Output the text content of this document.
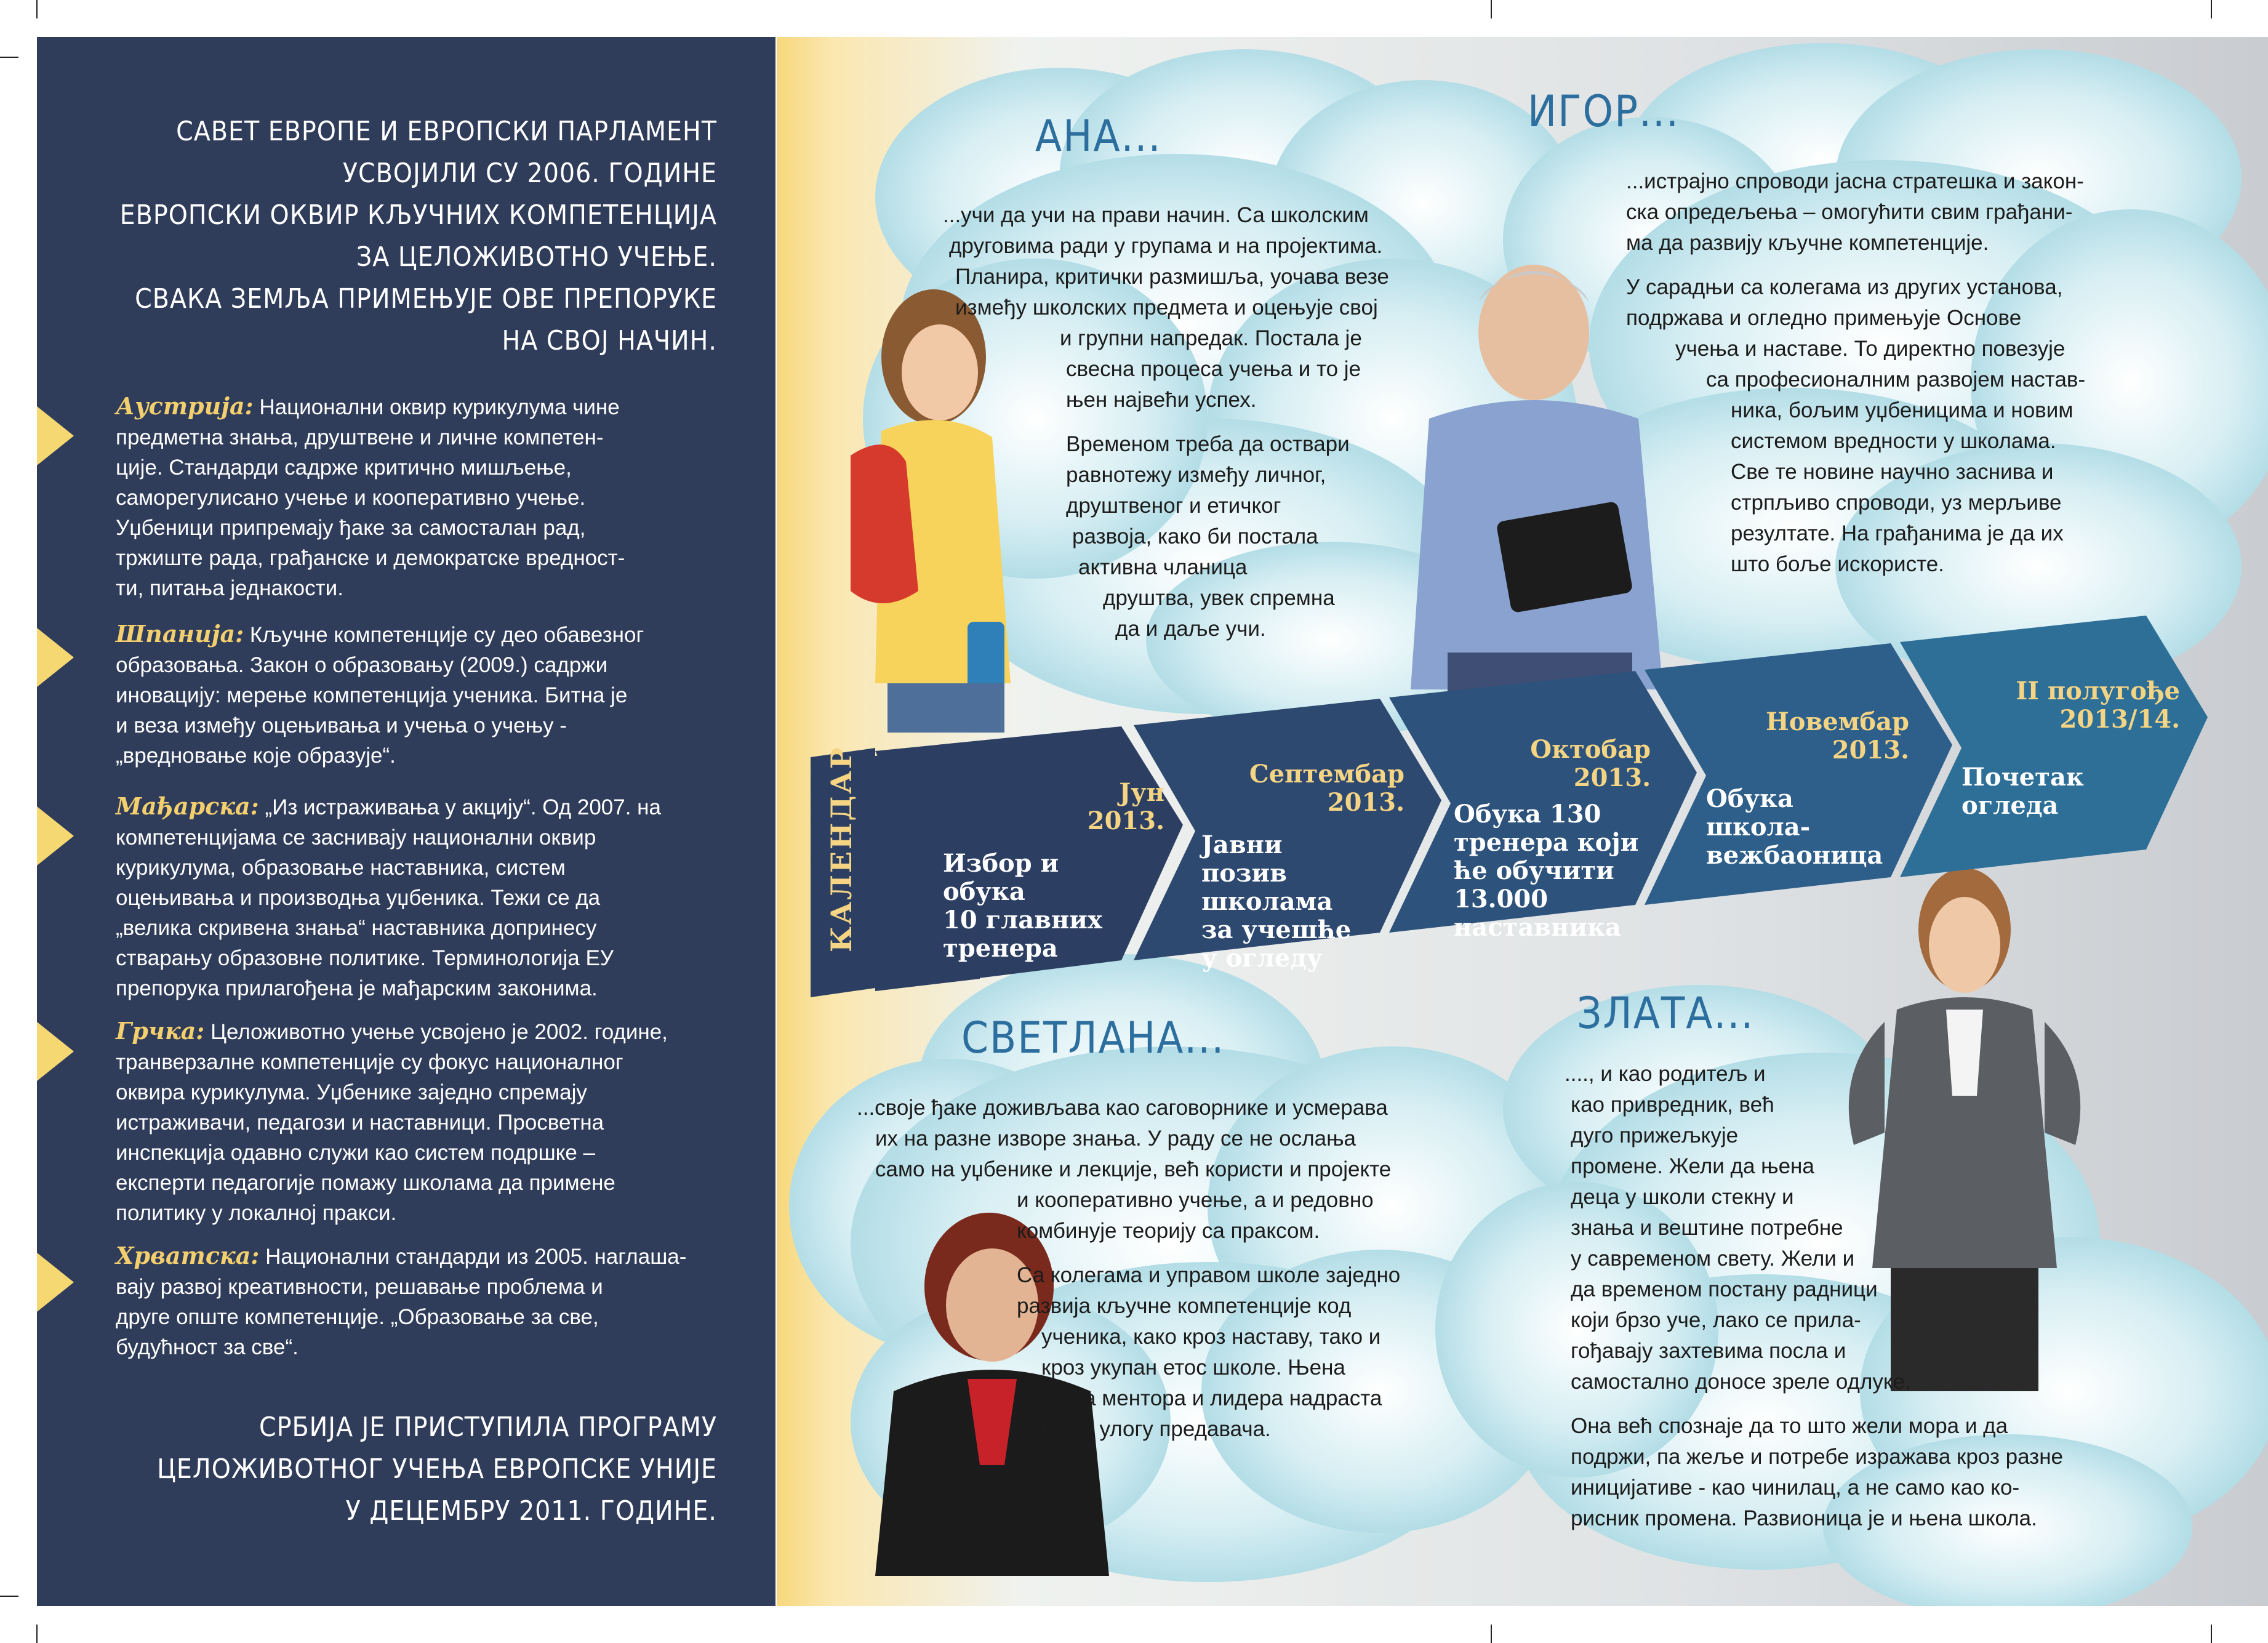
САВЕТ ЕВРОПЕ И ЕВРОПСКИ ПАРЛАМЕНТ
УСВОЈИЛИ СУ 2006. ГОДИНЕ
ЕВРОПСКИ ОКВИР КЉУЧНИХ КОМПЕТЕНЦИЈА
ЗА ЦЕЛОЖИВОТНО УЧЕЊЕ.
СВАКА ЗЕМЉА ПРИМЕЊУЈЕ ОВЕ ПРЕПОРУКЕ
НА СВОЈ НАЧИН.
Аустрија: Национални оквир курикулума чине
предметна знања, друштвене и личне компетен-
ције. Стандарди садрже критично мишљење,
саморегулисано учење и кооперативно учење.
Уџбеници припремају ђаке за самосталан рад,
тржиште рада, грађанске и демократске вредност-
ти, питања једнакости.
Шпанија: Кључне компетенције су део обавезног
образовања. Закон о образовању (2009.) садржи
иновацију: мерење компетенција ученика. Битна је
и веза између оцењивања и учења о учењу -
„вредновање које образује“.
Мађарска: „Из истраживања у акцију“. Од 2007. на
компетенцијама се заснивају национални оквир
курикулума, образовање наставника, систем
оцењивања и производња уџбеника. Тежи се да
„велика скривена знања“ наставника допринесу
стварању образовне политике. Терминологија ЕУ
препорука прилагођена је мађарским законима.
Грчка: Целоживотно учење усвојено је 2002. године,
транверзалне компетенције су фокус националног
оквира курикулума. Уџбенике заједно спремају
истраживачи, педагози и наставници. Просветна
инспекција одавно служи као систем подршке –
експерти педагогије помажу школама да примене
политику у локалној пракси.
Хрватска: Национални стандарди из 2005. наглаша-
вају развој креативности, решавање проблема и
друге опште компетенције. „Образовање за све,
будућност за све“.
СРБИЈА ЈЕ ПРИСТУПИЛА ПРОГРАМУ
ЦЕЛОЖИВОТНОГ УЧЕЊА ЕВРОПСКЕ УНИЈЕ
У ДЕЦЕМБРУ 2011. ГОДИНЕ.
КАЛЕНДАР	Јун
2013.
Избор и
обука
10 главних
тренера
Септембар
2013.
Јавни
позив
школама
за учешће
у огледу
Октобар
2013.
Обука 130
тренера који
ће обучити
13.000
наставника
Новембар
2013.
Обука
школа-
вежбаоница
II полугође
2013/14.
Почетак
огледа
АНА...

...учи да учи на прави начин. Са школским
друговима ради у групама и на пројектима.
Планира, критички размишља, уочава везе
између школских предмета и оцењује свој
и групни напредак. Постала је
свесна процеса учења и то је
њен највећи успех.

Временом треба да оствари
равнотежу између личног,
друштвеног и етичког
развоја, како би постала
активна чланица
друштва, увек спремна
да и даље учи.

ИГОР...

...истрајно спроводи јасна стратешка и закон-
ска опредељења – омогућити свим грађани-
ма да развију кључне компетенције.

У сарадњи са колегама из других установа,
подржава и огледно примењује Основе
учења и наставе. То директно повезује
са професионалним развојем настав-
ника, бољим уџбеницима и новим
системом вредности у школама.
Све те новине научно заснива и
стрпљиво спроводи, уз мерљиве
резултате. На грађанима је да их
што боље искористе.

СВЕТЛАНА...

...своје ђаке доживљава као саговорнике и усмерава
их на разне изворе знања. У раду се не ослања
само на уџбенике и лекције, већ користи и пројекте
и кооперативно учење, а и редовно
комбинује теорију са праксом.

Са колегама и управом школе заједно
развија кључне компетенције код
ученика, како кроз наставу, тако и
кроз укупан етос школе. Њена
улога ментора и лидера надраста
њену улогу предавача.

ЗЛАТА...

...., и као родитељ и
као привредник, већ
дуго прижељкује
промене. Жели да њена
деца у школи стекну и
знања и вештине потребне
у савременом свету. Жели и
да временом постану радници
који брзо уче, лако се прила-
гођавају захтевима посла и
самостално доносе зреле одлуке.

Она већ спознаје да то што жели мора и да
подржи, па жеље и потребе изражава кроз разне
иницијативе - као чинилац, а не само као ко-
рисник промена. Развионица је и њена школа.
